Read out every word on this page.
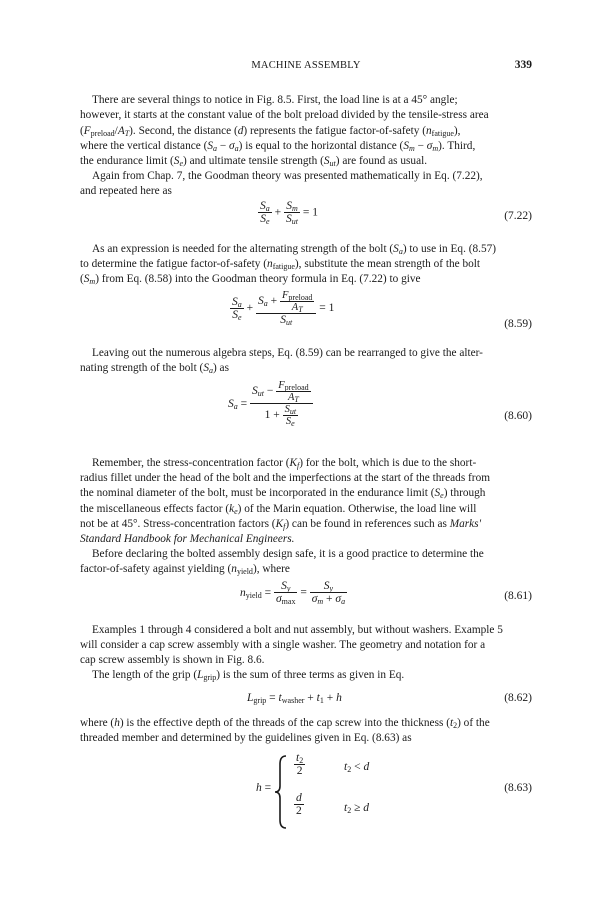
MACHINE ASSEMBLY	339
There are several things to notice in Fig. 8.5. First, the load line is at a 45° angle;
however, it starts at the constant value of the bolt preload divided by the tensile-stress area
$(F_{preload}/A_T)$. Second, the distance (d) represents the fatigue factor-of-safety $(n_{fatigue})$,
where the vertical distance $(S_a - \sigma_a)$ is equal to the horizontal distance $(S_m - \sigma_m)$. Third,
the endurance limit $(S_e)$ and ultimate tensile strength $(S_{ut})$ are found as usual.
Again from Chap. 7, the Goodman theory was presented mathematically in Eq. (7.22),
and repeated here as
$\frac{S_a}{S_e} + \frac{S_m}{S_{ut}} = 1$	(7.22)
As an expression is needed for the alternating strength of the bolt $(S_a)$ to use in Eq. (8.57)
to determine the fatigue factor-of-safety $(n_{fatigue})$, substitute the mean strength of the bolt
$(S_m)$ from Eq. (8.58) into the Goodman theory formula in Eq. (7.22) to give
$\frac{S_a}{S_e} + \frac{S_a + \frac{F_{preload}}{A_T}}{S_{ut}} = 1$
(8.59)
Leaving out the numerous algebra steps, Eq. (8.59) can be rearranged to give the alter-
nating strength of the bolt $(S_a)$ as
$S_a = \frac{S_{ut} - \frac{F_{preload}}{A_T}}{1 + \frac{S_{ut}}{S_e}}$	(8.60)
Remember, the stress-concentration factor $(K_f)$ for the bolt, which is due to the short-
radius fillet under the head of the bolt and the imperfections at the start of the threads from
the nominal diameter of the bolt, must be incorporated in the endurance limit $(S_e)$ through
the miscellaneous effects factor $(k_e)$ of the Marin equation. Otherwise, the load line will
not be at 45°. Stress-concentration factors $(K_f)$ can be found in references such as Marks'
Standard Handbook for Mechanical Engineers.
Before declaring the bolted assembly design safe, it is a good practice to determine the
factor-of-safety against yielding $(n_{yield})$, where
$n_{yield} = \frac{S_y}{\sigma_{max}} = \frac{S_y}{\sigma_m + \sigma_a}$	(8.61)
Examples 1 through 4 considered a bolt and nut assembly, but without washers. Example 5
will consider a cap screw assembly with a single washer. The geometry and notation for a
cap screw assembly is shown in Fig. 8.6.
The length of the grip $(L_{grip})$ is the sum of three terms as given in Eq.
$L_{grip} = t_{washer} + t_1 + h$	(8.62)
where (h) is the effective depth of the threads of the cap screw into the thickness $(t_2)$ of the
threaded member and determined by the guidelines given in Eq. (8.63) as
h =
$\frac{t_2}{2}$	$t_2 < d$
$\frac{d}{2}$	$t_2 \ge d$
(8.63)
